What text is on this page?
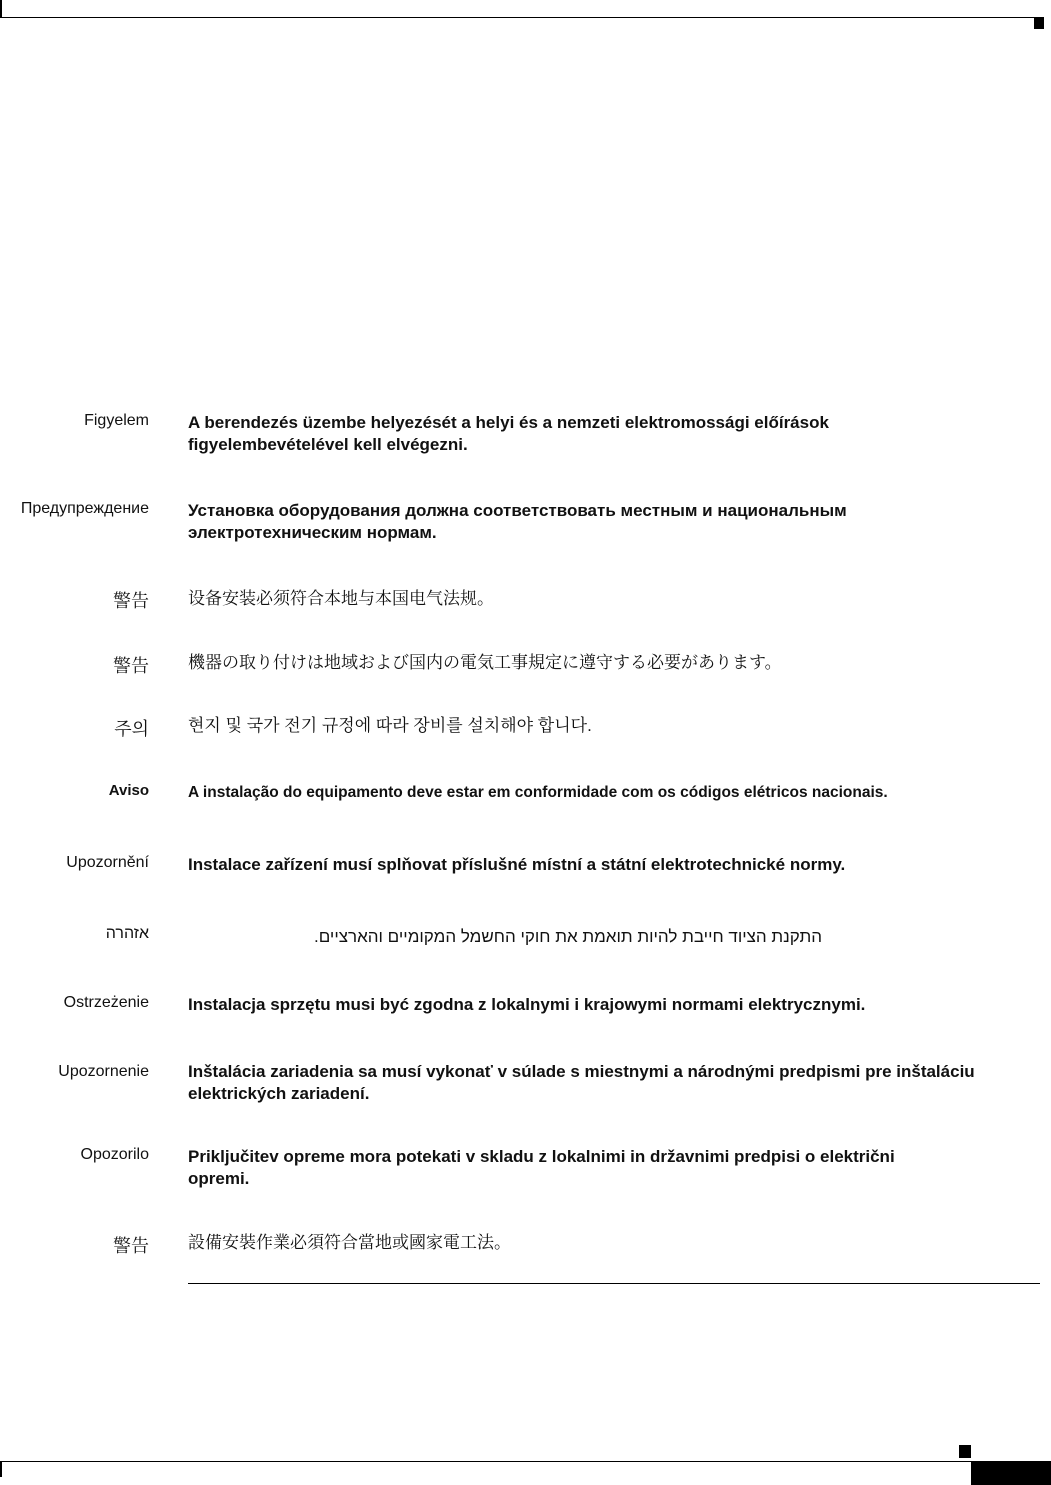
Figyelem A berendezés üzembe helyezését a helyi és a nemzeti elektromossági előírások figyelembevételével kell elvégezni.
Предупреждение Установка оборудования должна соответствовать местным и национальным электротехническим нормам.
警告 设备安装必须符合本地与本国电气法规。
警告 機器の取り付けは地域および国内の電気工事規定に遵守する必要があります。
주의 현지 및 국가 전기 규정에 따라 장비를 설치해야 합니다.
Aviso	A instalação do equipamento deve estar em conformidade com os códigos elétricos nacionais.
Upozornění Instalace zařízení musí splňovat příslušné místní a státní elektrotechnické normy.
אזהרה	התקנת הציוד חייבת להיות תואמת את חוקי החשמל המקומיים והארציים.
Ostrzeżenie Instalacja sprzętu musi być zgodna z lokalnymi i krajowymi normami elektrycznymi.
Upozornenie Inštalácia zariadenia sa musí vykonať v súlade s miestnymi a národnými predpismi pre inštaláciu elektrických zariadení.
Opozorilo Priključitev opreme mora potekati v skladu z lokalnimi in državnimi predpisi o električni opremi.
警告 設備安裝作業必須符合當地或國家電工法。
